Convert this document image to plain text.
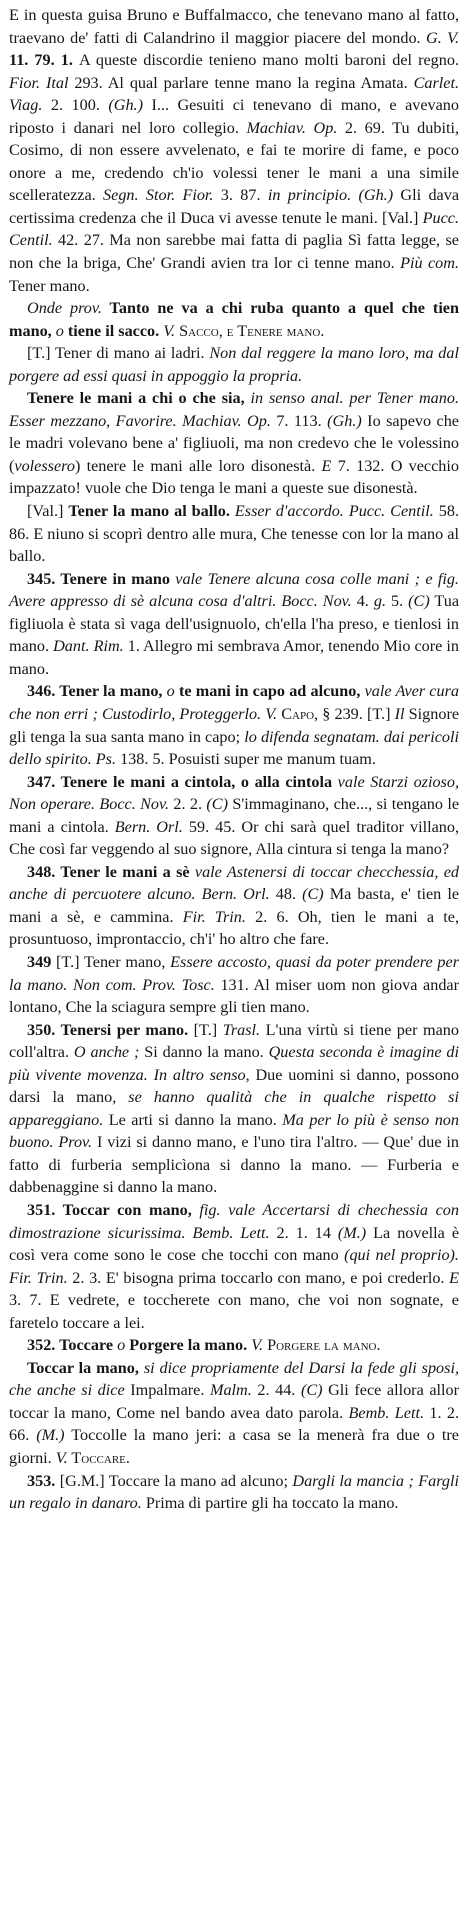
E in questa guisa Bruno e Buffalmacco, che tenevano mano al fatto, traevano de' fatti di Calandrino il maggior piacere del mondo. G. V. 11. 79. 1. A queste discordie tenieno mano molti baroni del regno. Fior. Ital 293. Al qual parlare tenne mano la regina Amata. Carlet. Viag. 2. 100. (Gh.) I... Gesuiti ci tenevano di mano, e avevano riposto i danari nel loro collegio. Machiav. Op. 2. 69. Tu dubiti, Cosimo, di non essere avvelenato, e fai te morire di fame, e poco onore a me, credendo ch'io volessi tener le mani a una simile scelleratezza. Segn. Stor. Fior. 3. 87. in principio. (Gh.) Gli dava certissima credenza che il Duca vi avesse tenute le mani. [Val.] Pucc. Centil. 42. 27. Ma non sarebbe mai fatta di paglia Sì fatta legge, se non che la briga, Che' Grandi avien tra lor ci tenne mano. Più com. Tener mano.

Onde prov. Tanto ne va a chi ruba quanto a quel che tien mano, o tiene il sacco. V. Sacco, e Tenere mano.

[T.] Tener di mano ai ladri. Non dal reggere la mano loro, ma dal porgere ad essi quasi in appoggio la propria.

Tenere le mani a chi o che sia, in senso anal. per Tener mano. Esser mezzano, Favorire. Machiav. Op. 7. 113. (Gh.) Io sapevo che le madri volevano bene a' figliuoli, ma non credevo che le volessino (volessero) tenere le mani alle loro disonestà. E 7. 132. O vecchio impazzato! vuole che Dio tenga le mani a queste sue disonestà.

[Val.] Tener la mano al ballo. Esser d'accordo. Pucc. Centil. 58. 86. E niuno si scoprì dentro alle mura, Che tenesse con lor la mano al ballo.

345. Tenere in mano vale Tenere alcuna cosa colle mani ; e fig. Avere appresso di sè alcuna cosa d'altri. Bocc. Nov. 4. g. 5. (C) Tua figliuola è stata sì vaga dell'usignuolo, ch'ella l'ha preso, e tienlosi in mano. Dant. Rim. 1. Allegro mi sembrava Amor, tenendo Mio core in mano.

346. Tener la mano, o te mani in capo ad alcuno, vale Aver cura che non erri ; Custodirlo, Proteggerlo. V. Capo, § 239. [T.] Il Signore gli tenga la sua santa mano in capo; lo difenda segnatam. dai pericoli dello spirito. Ps. 138. 5. Posuisti super me manum tuam.

347. Tenere le mani a cintola, o alla cintola vale Starzi ozioso, Non operare. Bocc. Nov. 2. 2. (C) S'immaginano, che..., si tengano le mani a cintola. Bern. Orl. 59. 45. Or chi sarà quel traditor villano, Che così far veggendo al suo signore, Alla cintura si tenga la mano?

348. Tener le mani a sè vale Astenersi di toccar checchessia, ed anche di percuotere alcuno. Bern. Orl. 48. (C) Ma basta, e' tien le mani a sè, e cammina. Fir. Trin. 2. 6. Oh, tien le mani a te, prosuntuoso, improntaccio, ch'i' ho altro che fare.

349 [T.] Tener mano, Essere accosto, quasi da poter prendere per la mano. Non com. Prov. Tosc. 131. Al miser uom non giova andar lontano, Che la sciagura sempre gli tien mano.

350. Tenersi per mano. [T.] Trasl. L'una virtù si tiene per mano coll'altra. O anche ; Si danno la mano. Questa seconda è imagine di più vivente movenza. In altro senso, Due uomini si danno, possono darsi la mano, se hanno qualità che in qualche rispetto si appareggiano. Le arti si danno la mano. Ma per lo più è senso non buono. Prov. I vizi si danno mano, e l'uno tira l'altro. — Que' due in fatto di furberia semplicìona si danno la mano. — Furberia e dabbenaggine si danno la mano.

351. Toccar con mano, fig. vale Accertarsi di chechessia con dimostrazione sicurissima. Bemb. Lett. 2. 1. 14 (M.) La novella è così vera come sono le cose che tocchi con mano (qui nel proprio). Fir. Trin. 2. 3. E' bisogna prima toccarlo con mano, e poi crederlo. E 3. 7. E vedrete, e toccherete con mano, che voi non sognate, e faretelo toccare a lei.

352. Toccare o Porgere la mano. V. Porgere la mano.

Toccar la mano, si dice propriamente del Darsi la fede gli sposi, che anche si dice Impalmare. Malm. 2. 44. (C) Gli fece allora allor toccar la mano, Come nel bando avea dato parola. Bemb. Lett. 1. 2. 66. (M.) Toccolle la mano jeri: a casa se la menerà fra due o tre giorni. V. Toccare.

353. [G.M.] Toccare la mano ad alcuno; Dargli la mancia ; Fargli un regalo in danaro. Prima di partire gli ha toccato la mano.
